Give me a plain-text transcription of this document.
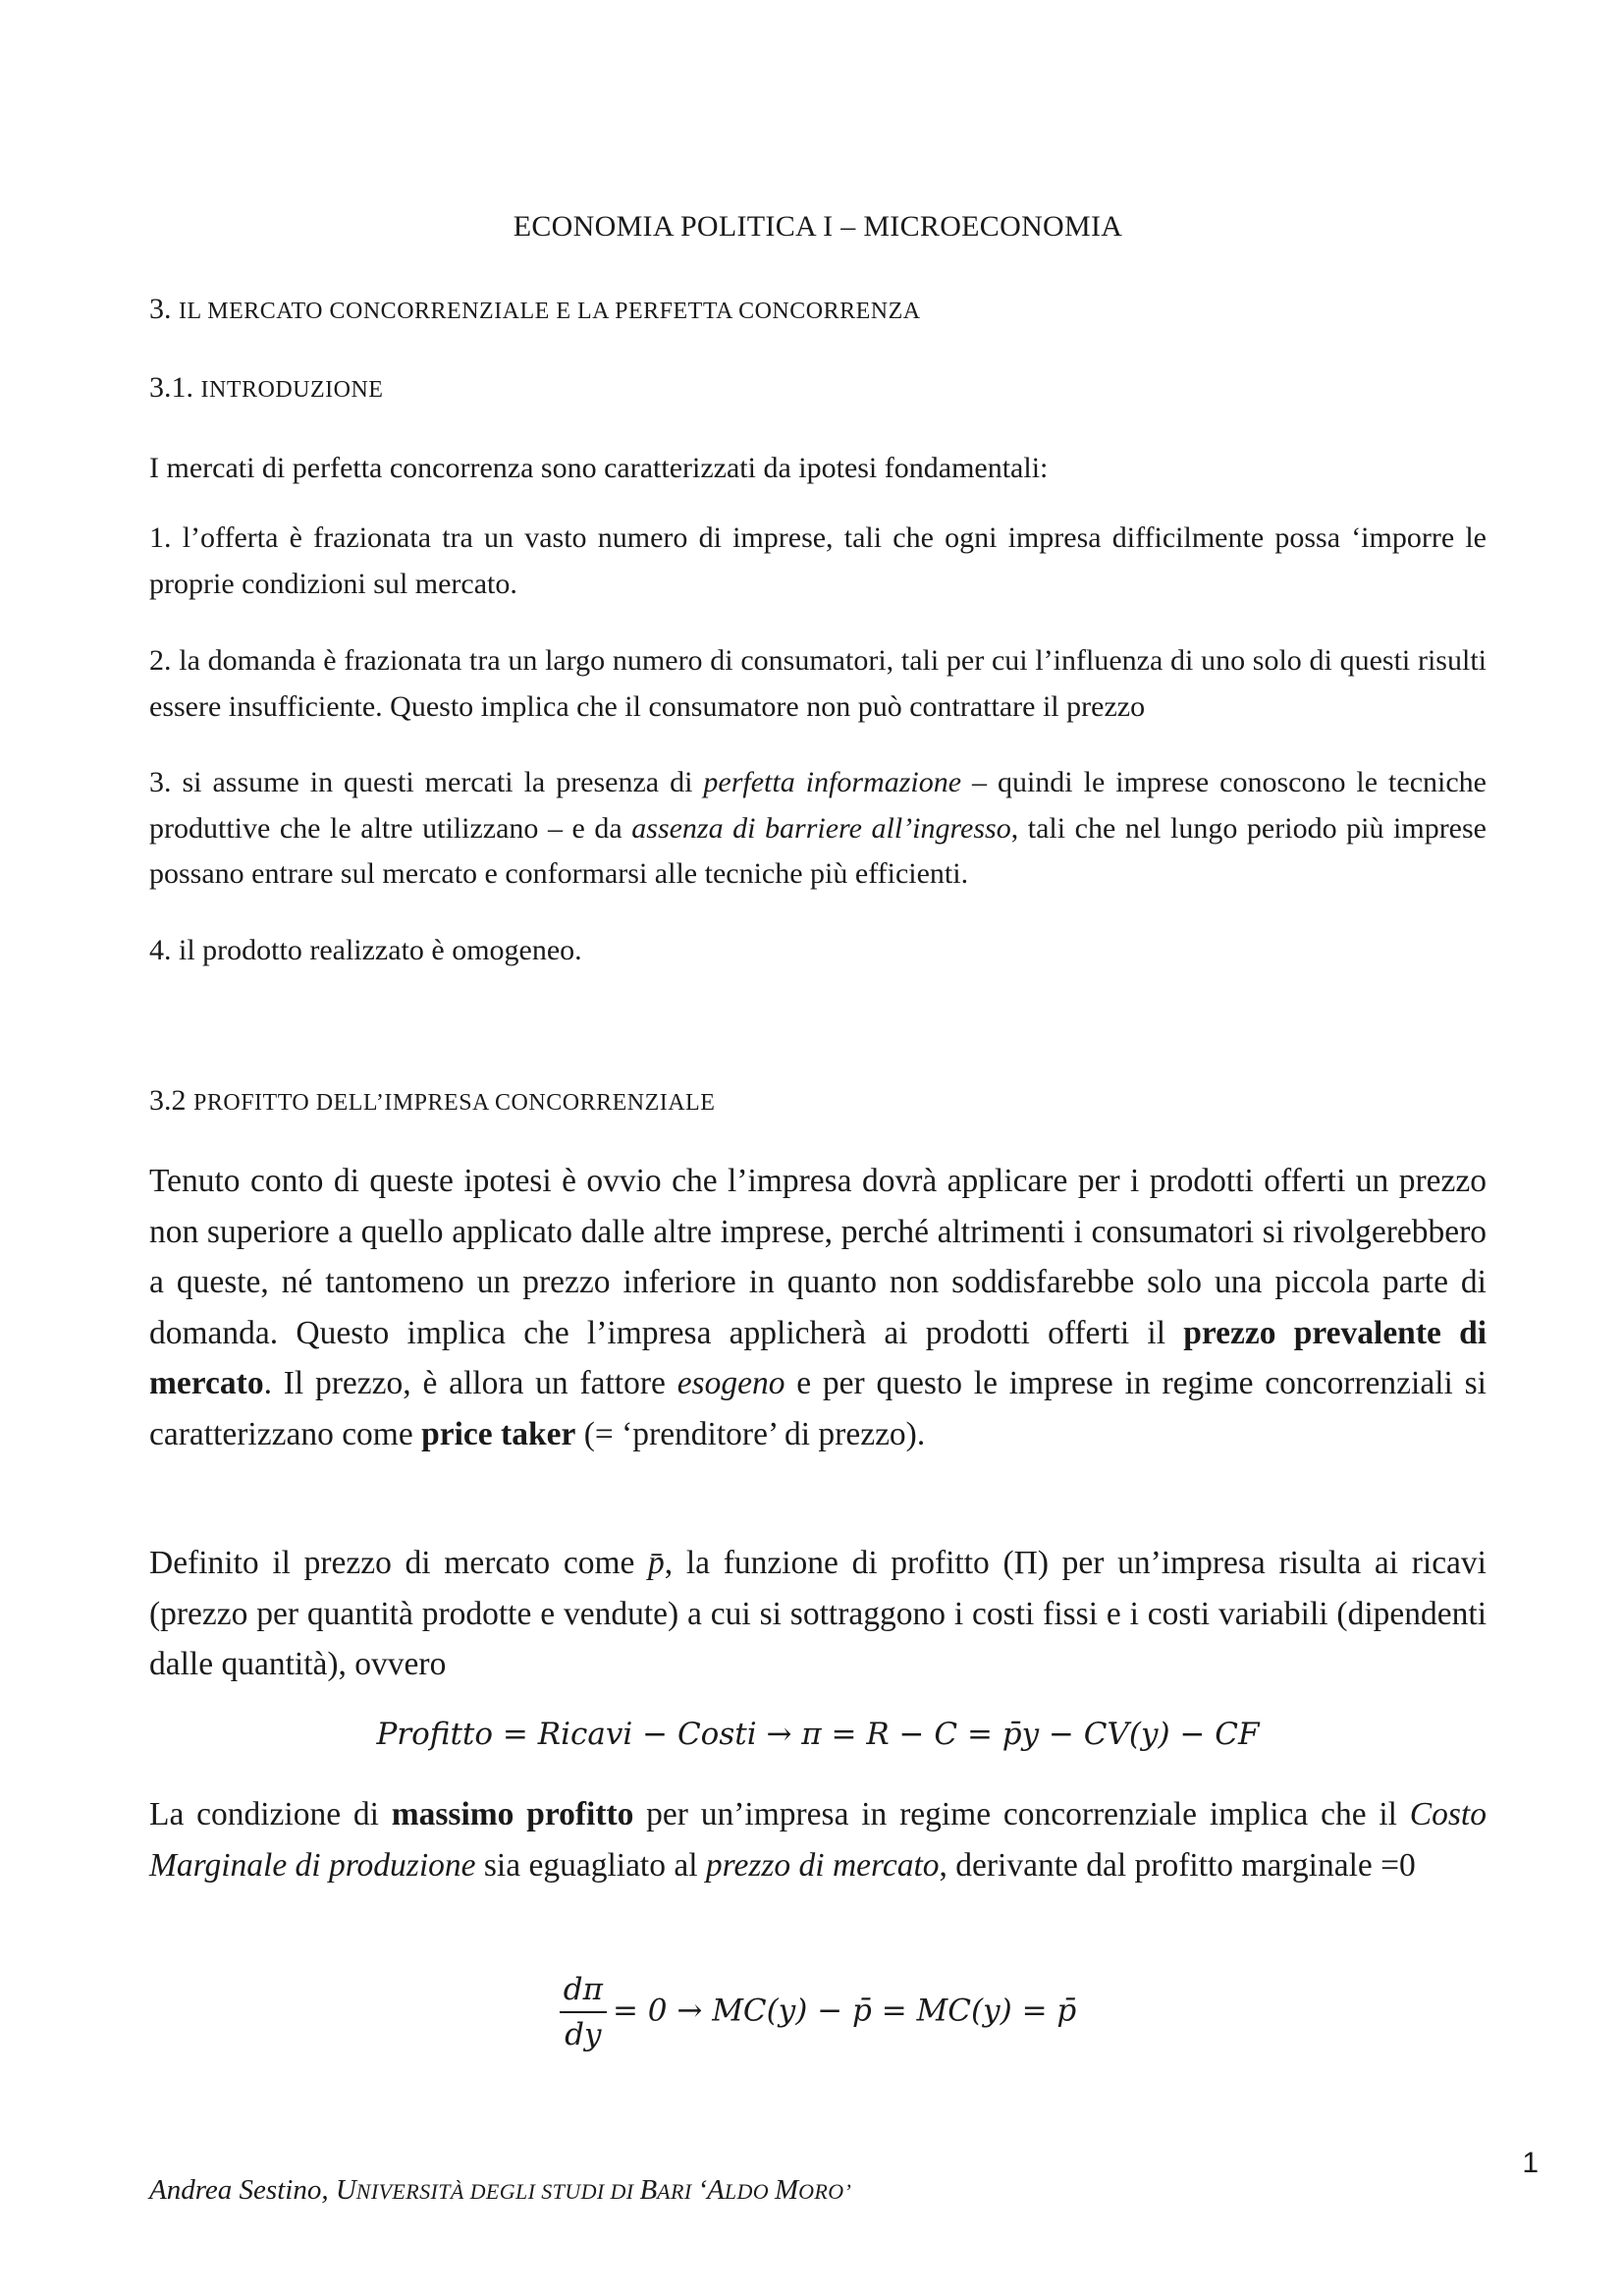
ECONOMIA POLITICA I – MICROECONOMIA
3. IL MERCATO CONCORRENZIALE E LA PERFETTA CONCORRENZA
3.1. INTRODUZIONE

I mercati di perfetta concorrenza sono caratterizzati da ipotesi fondamentali:

1. l’offerta è frazionata tra un vasto numero di imprese, tali che ogni impresa difficilmente possa ‘imporre le proprie condizioni sul mercato.

2. la domanda è frazionata tra un largo numero di consumatori, tali per cui l’influenza di uno solo di questi risulti essere insufficiente. Questo implica che il consumatore non può contrattare il prezzo

3. si assume in questi mercati la presenza di perfetta informazione – quindi le imprese conoscono le tecniche produttive che le altre utilizzano – e da assenza di barriere all’ingresso, tali che nel lungo periodo più imprese possano entrare sul mercato e conformarsi alle tecniche più efficienti.

4. il prodotto realizzato è omogeneo.

3.2 PROFITTO DELL’IMPRESA CONCORRENZIALE

Tenuto conto di queste ipotesi è ovvio che l’impresa dovrà applicare per i prodotti offerti un prezzo non superiore a quello applicato dalle altre imprese, perché altrimenti i consumatori si rivolgerebbero a queste, né tantomeno un prezzo inferiore in quanto non soddisfarebbe solo una piccola parte di domanda. Questo implica che l’impresa applicherà ai prodotti offerti il prezzo prevalente di mercato. Il prezzo, è allora un fattore esogeno e per questo le imprese in regime concorrenziali si caratterizzano come price taker (= ‘prenditore’ di prezzo).

Definito il prezzo di mercato come p̄, la funzione di profitto (Π) per un’impresa risulta ai ricavi (prezzo per quantità prodotte e vendute) a cui si sottraggono i costi fissi e i costi variabili (dipendenti dalle quantità), ovvero

Profitto = Ricavi − Costi → π = R − C = p̄y − CV(y) − CF

La condizione di massimo profitto per un’impresa in regime concorrenziale implica che il Costo Marginale di produzione sia eguagliato al prezzo di mercato, derivante dal profitto marginale =0

$\frac{d\pi}{dy} = 0 \to MC(y)$ − p̄ = MC(y) = p̄
Andrea Sestino, UNIVERSITÀ DEGLI STUDI DI BARI ‘ALDO MORO’
1
